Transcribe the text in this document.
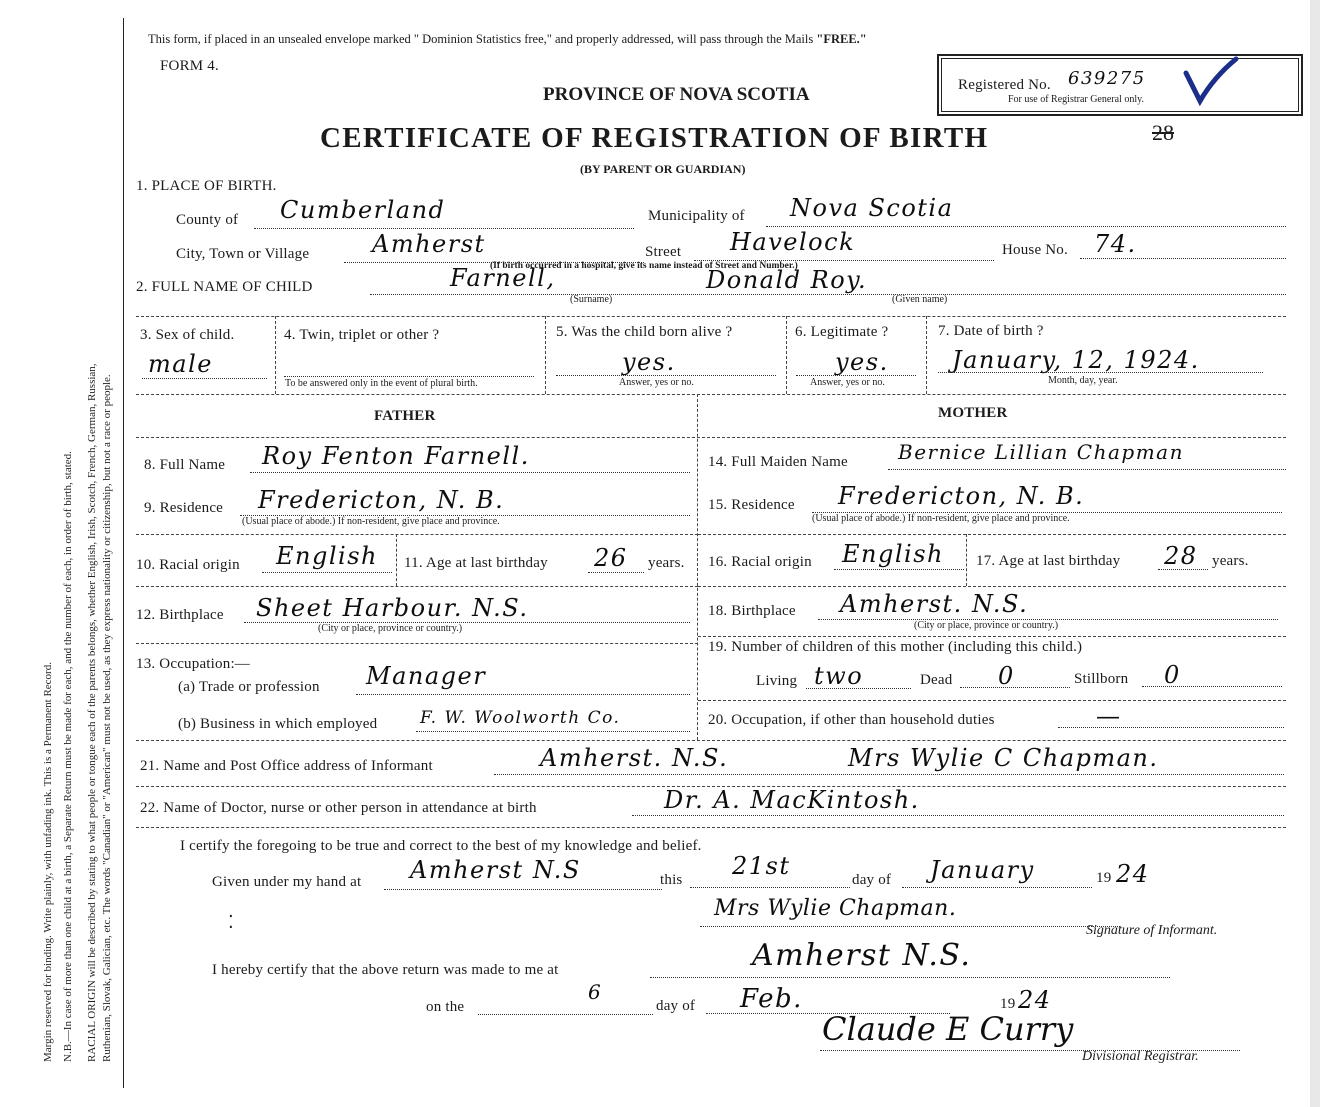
Margin reserved for binding. Write plainly, with unfading ink. This is a Permanent Record. N.B.—In case of more than one child at a birth, a Separate Return must be made for each, and the number of each, in order of birth, stated. RACIAL ORIGIN will be described by stating to what people or tongue each of the parents belongs, whether English, Irish, Scotch, French, German, Russian, Ruthenian, Slovak, Galician, etc. The words "Canadian" or "American" must not be used, as they express nationality or citizenship, but not a race or people.
This form, if placed in an unsealed envelope marked " Dominion Statistics free," and properly addressed, will pass through the Mails "FREE."
FORM 4.
PROVINCE OF NOVA SCOTIA
CERTIFICATE OF REGISTRATION OF BIRTH
(BY PARENT OR GUARDIAN)
28
Registered No. 639275
For use of Registrar General only.
1. PLACE OF BIRTH.
County of Cumberland	Municipality of Nova Scotia
City, Town or Village	Amherst	Street Havelock	House No. 74.
(If birth occurred in a hospital, give its name instead of Street and Number.)
2. FULL NAME OF CHILD	Farnell,	Donald Roy.
(Surname)	(Given name)
3. Sex of child.
male
4. Twin, triplet or other ?
To be answered only in the event of plural birth.
5. Was the child born alive ?
yes.
Answer, yes or no.
6. Legitimate ?
yes.
Answer, yes or no.
7. Date of birth ?
January, 12, 1924.
Month, day, year.
FATHER	MOTHER
8. Full Name Roy Fenton Farnell.
9. Residence Fredericton, N. B.
(Usual place of abode.) If non-resident, give place and province.
10. Racial origin English 11. Age at last birthday 26 years.
12. Birthplace Sheet Harbour. N.S.
(City or place, province or country.)
13. Occupation:—
(a) Trade or profession Manager
(b) Business in which employed	F. W. Woolworth Co.
14. Full Maiden Name	Bernice Lillian Chapman
15. Residence Fredericton, N. B.
(Usual place of abode.) If non-resident, give place and province.
16. Racial origin English 17. Age at last birthday 28 years.
18. Birthplace Amherst. N.S.
(City or place, province or country.)
19. Number of children of this mother (including this child.)
Living two	Dead 0	Stillborn 0
20. Occupation, if other than household duties	—
21. Name and Post Office address of Informant	Amherst. N.S.	Mrs Wylie C Chapman.
22. Name of Doctor, nurse or other person in attendance at birth	Dr. A. MacKintosh.
I certify the foregoing to be true and correct to the best of my knowledge and belief.
Given under my hand at Amherst N.S	this 21st	day of January	19 24
⁚
Mrs Wylie Chapman.
Signature of Informant.
I hereby certify that the above return was made to me at	Amherst N.S.
on the
6
day of Feb.	19 24
Claude E Curry
Divisional Registrar.
